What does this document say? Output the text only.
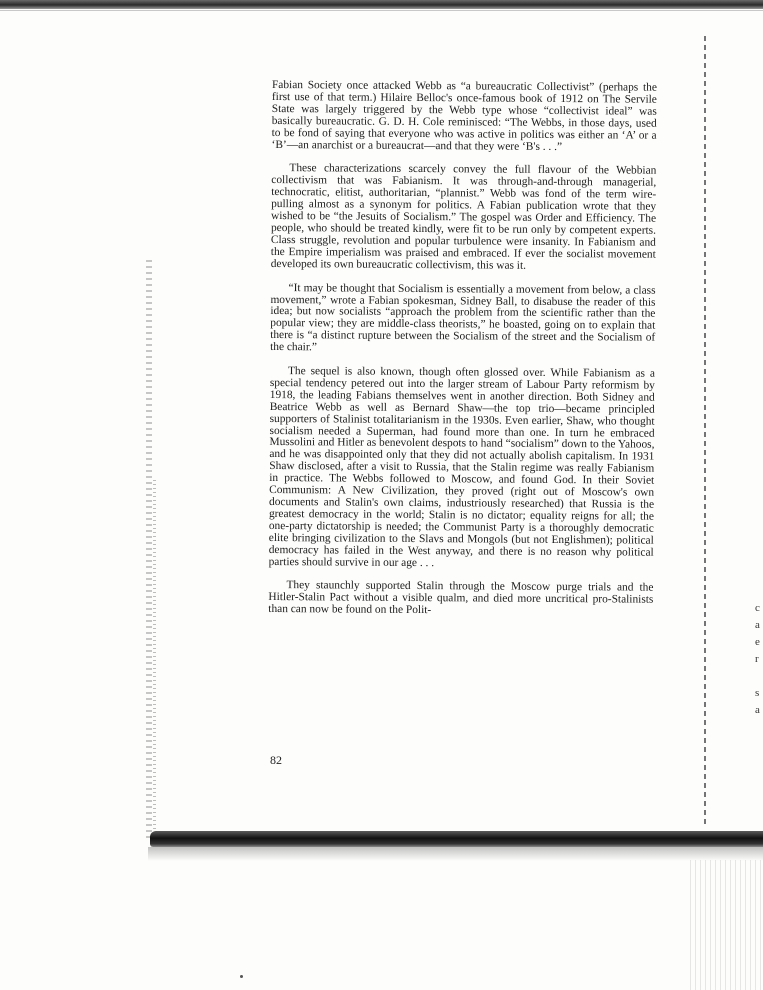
c
a
e
r

s
a

Fabian Society once attacked Webb as “a bureaucratic Collectivist” (perhaps the first use of that term.) Hilaire Belloc's once-famous book of 1912 on The Servile State was largely triggered by the Webb type whose “collectivist ideal” was basically bureaucratic. G. D. H. Cole reminisced: “The Webbs, in those days, used to be fond of saying that everyone who was active in politics was either an ‘A’ or a ‘B’—an anarchist or a bureaucrat—and that they were ‘B's . . .”

These characterizations scarcely convey the full flavour of the Webbian collectivism that was Fabianism. It was through-and-through managerial, technocratic, elitist, authoritarian, “plannist.” Webb was fond of the term wire-pulling almost as a synonym for politics. A Fabian publication wrote that they wished to be “the Jesuits of Socialism.” The gospel was Order and Efficiency. The people, who should be treated kindly, were fit to be run only by competent experts. Class struggle, revolution and popular turbulence were insanity. In Fabianism and the Empire imperialism was praised and embraced. If ever the socialist movement developed its own bureaucratic collectivism, this was it.

“It may be thought that Socialism is essentially a movement from below, a class movement,” wrote a Fabian spokesman, Sidney Ball, to disabuse the reader of this idea; but now socialists “approach the problem from the scientific rather than the popular view; they are middle-class theorists,” he boasted, going on to explain that there is “a distinct rupture between the Socialism of the street and the Socialism of the chair.”

The sequel is also known, though often glossed over. While Fabianism as a special tendency petered out into the larger stream of Labour Party reformism by 1918, the leading Fabians themselves went in another direction. Both Sidney and Beatrice Webb as well as Bernard Shaw—the top trio—became principled supporters of Stalinist totalitarianism in the 1930s. Even earlier, Shaw, who thought socialism needed a Superman, had found more than one. In turn he embraced Mussolini and Hitler as benevolent despots to hand “socialism” down to the Yahoos, and he was disappointed only that they did not actually abolish capitalism. In 1931 Shaw disclosed, after a visit to Russia, that the Stalin regime was really Fabianism in practice. The Webbs followed to Moscow, and found God. In their Soviet Communism: A New Civilization, they proved (right out of Moscow's own documents and Stalin's own claims, industriously researched) that Russia is the greatest democracy in the world; Stalin is no dictator; equality reigns for all; the one-party dictatorship is needed; the Communist Party is a thoroughly democratic elite bringing civilization to the Slavs and Mongols (but not Englishmen); political democracy has failed in the West anyway, and there is no reason why political parties should survive in our age . . .

They staunchly supported Stalin through the Moscow purge trials and the Hitler-Stalin Pact without a visible qualm, and died more uncritical pro-Stalinists than can now be found on the Polit-

82
